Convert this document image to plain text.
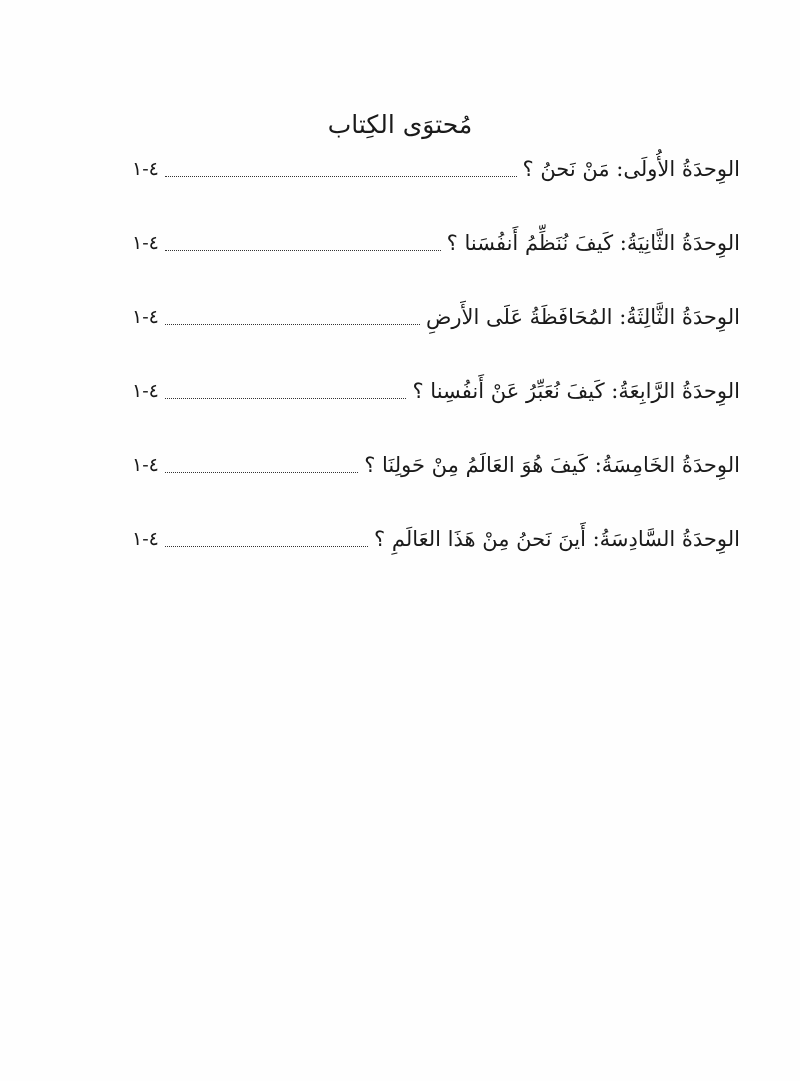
مُحتوَى الكِتاب
الوِحدَةُ الأُولَى: مَنْ نَحنُ ؟
٤-١
الوِحدَةُ الثَّانِيَةُ: كَيفَ نُنَظِّمُ أَنفُسَنا ؟
٤-١
الوِحدَةُ الثَّالِثَةُ: المُحَافَظَةُ عَلَى الأَرضِ
٤-١
الوِحدَةُ الرَّابِعَةُ: كَيفَ نُعَبِّرُ عَنْ أَنفُسِنا ؟
٤-١
الوِحدَةُ الخَامِسَةُ: كَيفَ هُوَ العَالَمُ مِنْ حَولِنَا ؟
٤-١
الوِحدَةُ السَّادِسَةُ: أَينَ نَحنُ مِنْ هَذَا العَالَمِ ؟
٤-١
